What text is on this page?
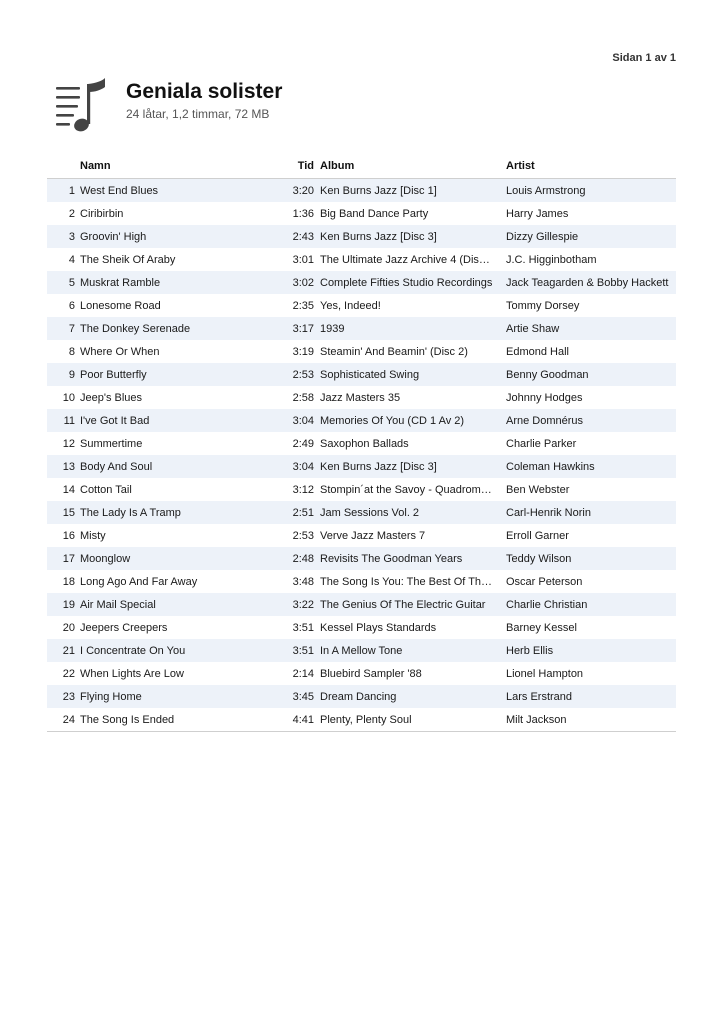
Sidan 1 av 1
Geniala solister
24 låtar, 1,2 timmar, 72 MB
	Namn	Tid	Album	Artist
1	West End Blues	3:20	Ken Burns Jazz [Disc 1]	Louis Armstrong
2	Ciribirbin	1:36	Big Band Dance Party	Harry James
3	Groovin' High	2:43	Ken Burns Jazz [Disc 3]	Dizzy Gillespie
4	The Sheik Of Araby	3:01	The Ultimate Jazz Archive 4 (Dis…	J.C. Higginbotham
5	Muskrat Ramble	3:02	Complete Fifties Studio Recordings	Jack Teagarden & Bobby Hackett
6	Lonesome Road	2:35	Yes, Indeed!	Tommy Dorsey
7	The Donkey Serenade	3:17	1939	Artie Shaw
8	Where Or When	3:19	Steamin' And Beamin' (Disc 2)	Edmond Hall
9	Poor Butterfly	2:53	Sophisticated Swing	Benny Goodman
10	Jeep's Blues	2:58	Jazz Masters 35	Johnny Hodges
11	I've Got It Bad	3:04	Memories Of You (CD 1 Av 2)	Arne Domnérus
12	Summertime	2:49	Saxophon Ballads	Charlie Parker
13	Body And Soul	3:04	Ken Burns Jazz [Disc 3]	Coleman Hawkins
14	Cotton Tail	3:12	Stompin´at the Savoy - Quadrom…	Ben Webster
15	The Lady Is A Tramp	2:51	Jam Sessions Vol. 2	Carl-Henrik Norin
16	Misty	2:53	Verve Jazz Masters 7	Erroll Garner
17	Moonglow	2:48	Revisits The Goodman Years	Teddy Wilson
18	Long Ago And Far Away	3:48	The Song Is You: The Best Of Th…	Oscar Peterson
19	Air Mail Special	3:22	The Genius Of The Electric Guitar	Charlie Christian
20	Jeepers Creepers	3:51	Kessel Plays Standards	Barney Kessel
21	I Concentrate On You	3:51	In A Mellow Tone	Herb Ellis
22	When Lights Are Low	2:14	Bluebird Sampler '88	Lionel Hampton
23	Flying Home	3:45	Dream Dancing	Lars Erstrand
24	The Song Is Ended	4:41	Plenty, Plenty Soul	Milt Jackson
